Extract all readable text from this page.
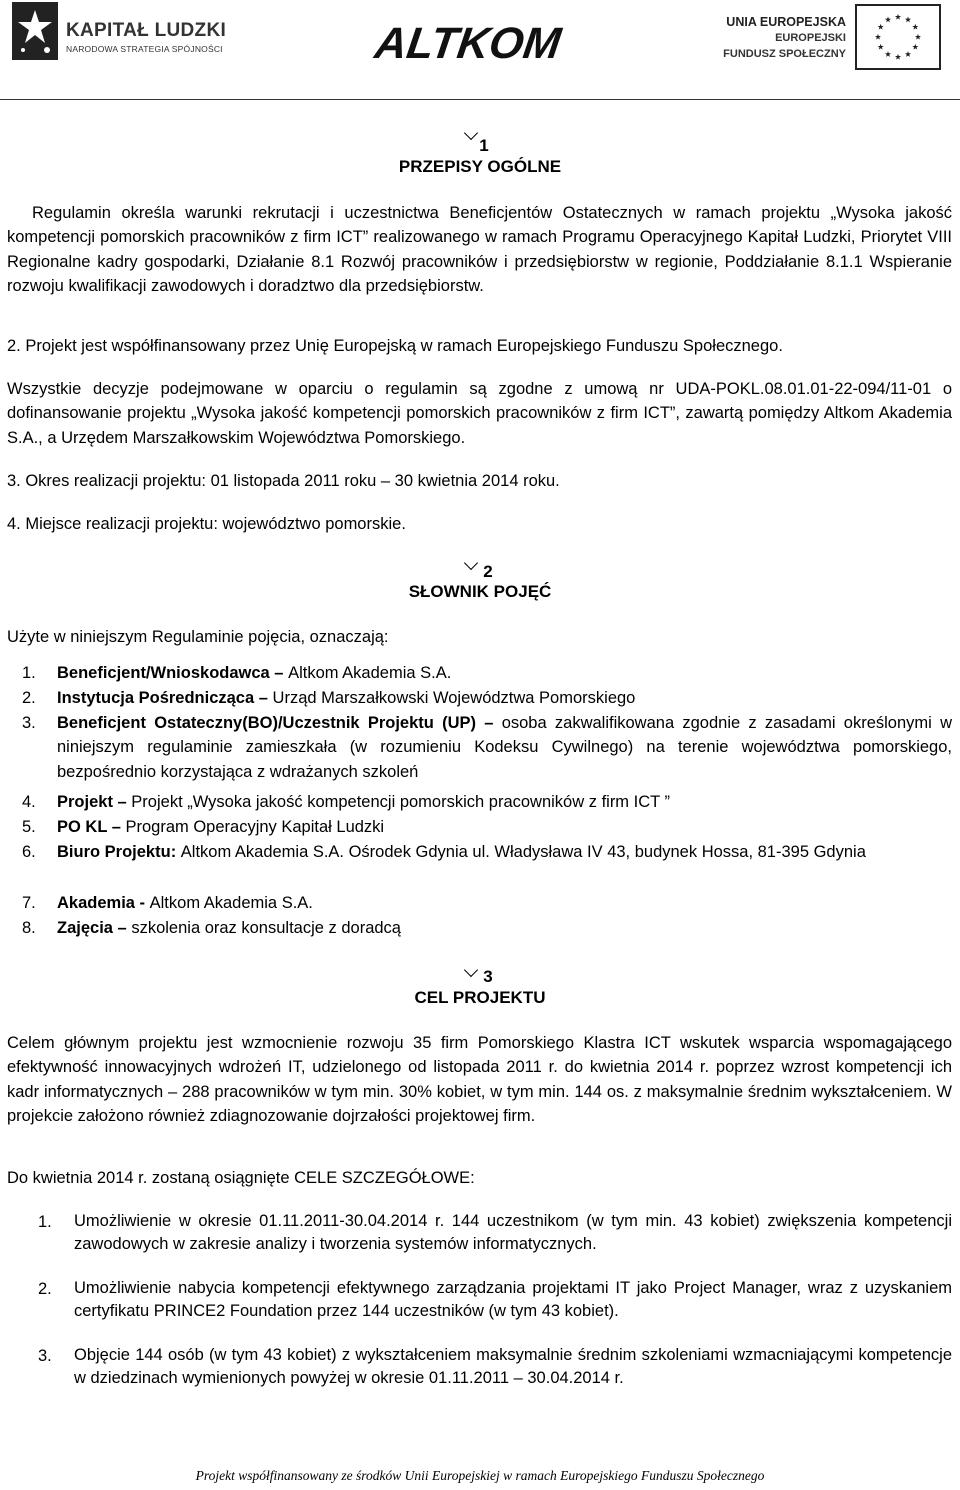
KAPITAŁ LUDZKI
NARODOWA STRATEGIA SPÓJNOŚCI	ALTKOM	UNIA EUROPEJSKA
EUROPEJSKI
FUNDUSZ SPOŁECZNY
1
PRZEPISY OGÓLNE
Regulamin określa warunki rekrutacji i uczestnictwa Beneficjentów Ostatecznych w ramach projektu „Wysoka jakość kompetencji pomorskich pracowników z firm ICT” realizowanego w ramach Programu Operacyjnego Kapitał Ludzki, Priorytet VIII Regionalne kadry gospodarki, Działanie 8.1 Rozwój pracowników i przedsiębiorstw w regionie, Poddziałanie 8.1.1 Wspieranie rozwoju kwalifikacji zawodowych i doradztwo dla przedsiębiorstw.
2. Projekt jest współfinansowany przez Unię Europejską w ramach Europejskiego Funduszu Społecznego.
Wszystkie decyzje podejmowane w oparciu o regulamin są zgodne z umową nr UDA-POKL.08.01.01-22-094/11-01 o dofinansowanie projektu „Wysoka jakość kompetencji pomorskich pracowników z firm ICT”, zawartą pomiędzy Altkom Akademia S.A., a Urzędem Marszałkowskim Województwa Pomorskiego.
3. Okres realizacji projektu: 01 listopada 2011 roku – 30 kwietnia 2014 roku.
4. Miejsce realizacji projektu: województwo pomorskie.
2
SŁOWNIK POJĘĆ
Użyte w niniejszym Regulaminie pojęcia, oznaczają:
1. Beneficjent/Wnioskodawca – Altkom Akademia S.A.
2. Instytucja Pośrednicząca – Urząd Marszałkowski Województwa Pomorskiego
3. Beneficjent Ostateczny(BO)/Uczestnik Projektu (UP) – osoba zakwalifikowana zgodnie z zasadami określonymi w niniejszym regulaminie zamieszkała (w rozumieniu Kodeksu Cywilnego) na terenie województwa pomorskiego, bezpośrednio korzystająca z wdrażanych szkoleń
4. Projekt – Projekt „Wysoka jakość kompetencji pomorskich pracowników z firm ICT ”
5. PO KL – Program Operacyjny Kapitał Ludzki
6. Biuro Projektu: Altkom Akademia S.A. Ośrodek Gdynia ul. Władysława IV 43, budynek Hossa, 81-395 Gdynia
7. Akademia - Altkom Akademia S.A.
8. Zajęcia – szkolenia oraz konsultacje z doradcą
3
CEL PROJEKTU
Celem głównym projektu jest wzmocnienie rozwoju 35 firm Pomorskiego Klastra ICT wskutek wsparcia wspomagającego efektywność innowacyjnych wdrożeń IT, udzielonego od listopada 2011 r. do kwietnia 2014 r. poprzez wzrost kompetencji ich kadr informatycznych – 288 pracowników w tym min. 30% kobiet, w tym min. 144 os. z maksymalnie średnim wykształceniem. W projekcie założono również zdiagnozowanie dojrzałości projektowej firm.
Do kwietnia 2014 r. zostaną osiągnięte CELE SZCZEGÓŁOWE:
1. Umożliwienie w okresie 01.11.2011-30.04.2014 r. 144 uczestnikom (w tym min. 43 kobiet) zwiększenia kompetencji zawodowych w zakresie analizy i tworzenia systemów informatycznych.
2. Umożliwienie nabycia kompetencji efektywnego zarządzania projektami IT jako Project Manager, wraz z uzyskaniem certyfikatu PRINCE2 Foundation przez 144 uczestników (w tym 43 kobiet).
3. Objęcie 144 osób (w tym 43 kobiet) z wykształceniem maksymalnie średnim szkoleniami wzmacniającymi kompetencje w dziedzinach wymienionych powyżej w okresie 01.11.2011 – 30.04.2014 r.
Projekt współfinansowany ze środków Unii Europejskiej w ramach Europejskiego Funduszu Społecznego
